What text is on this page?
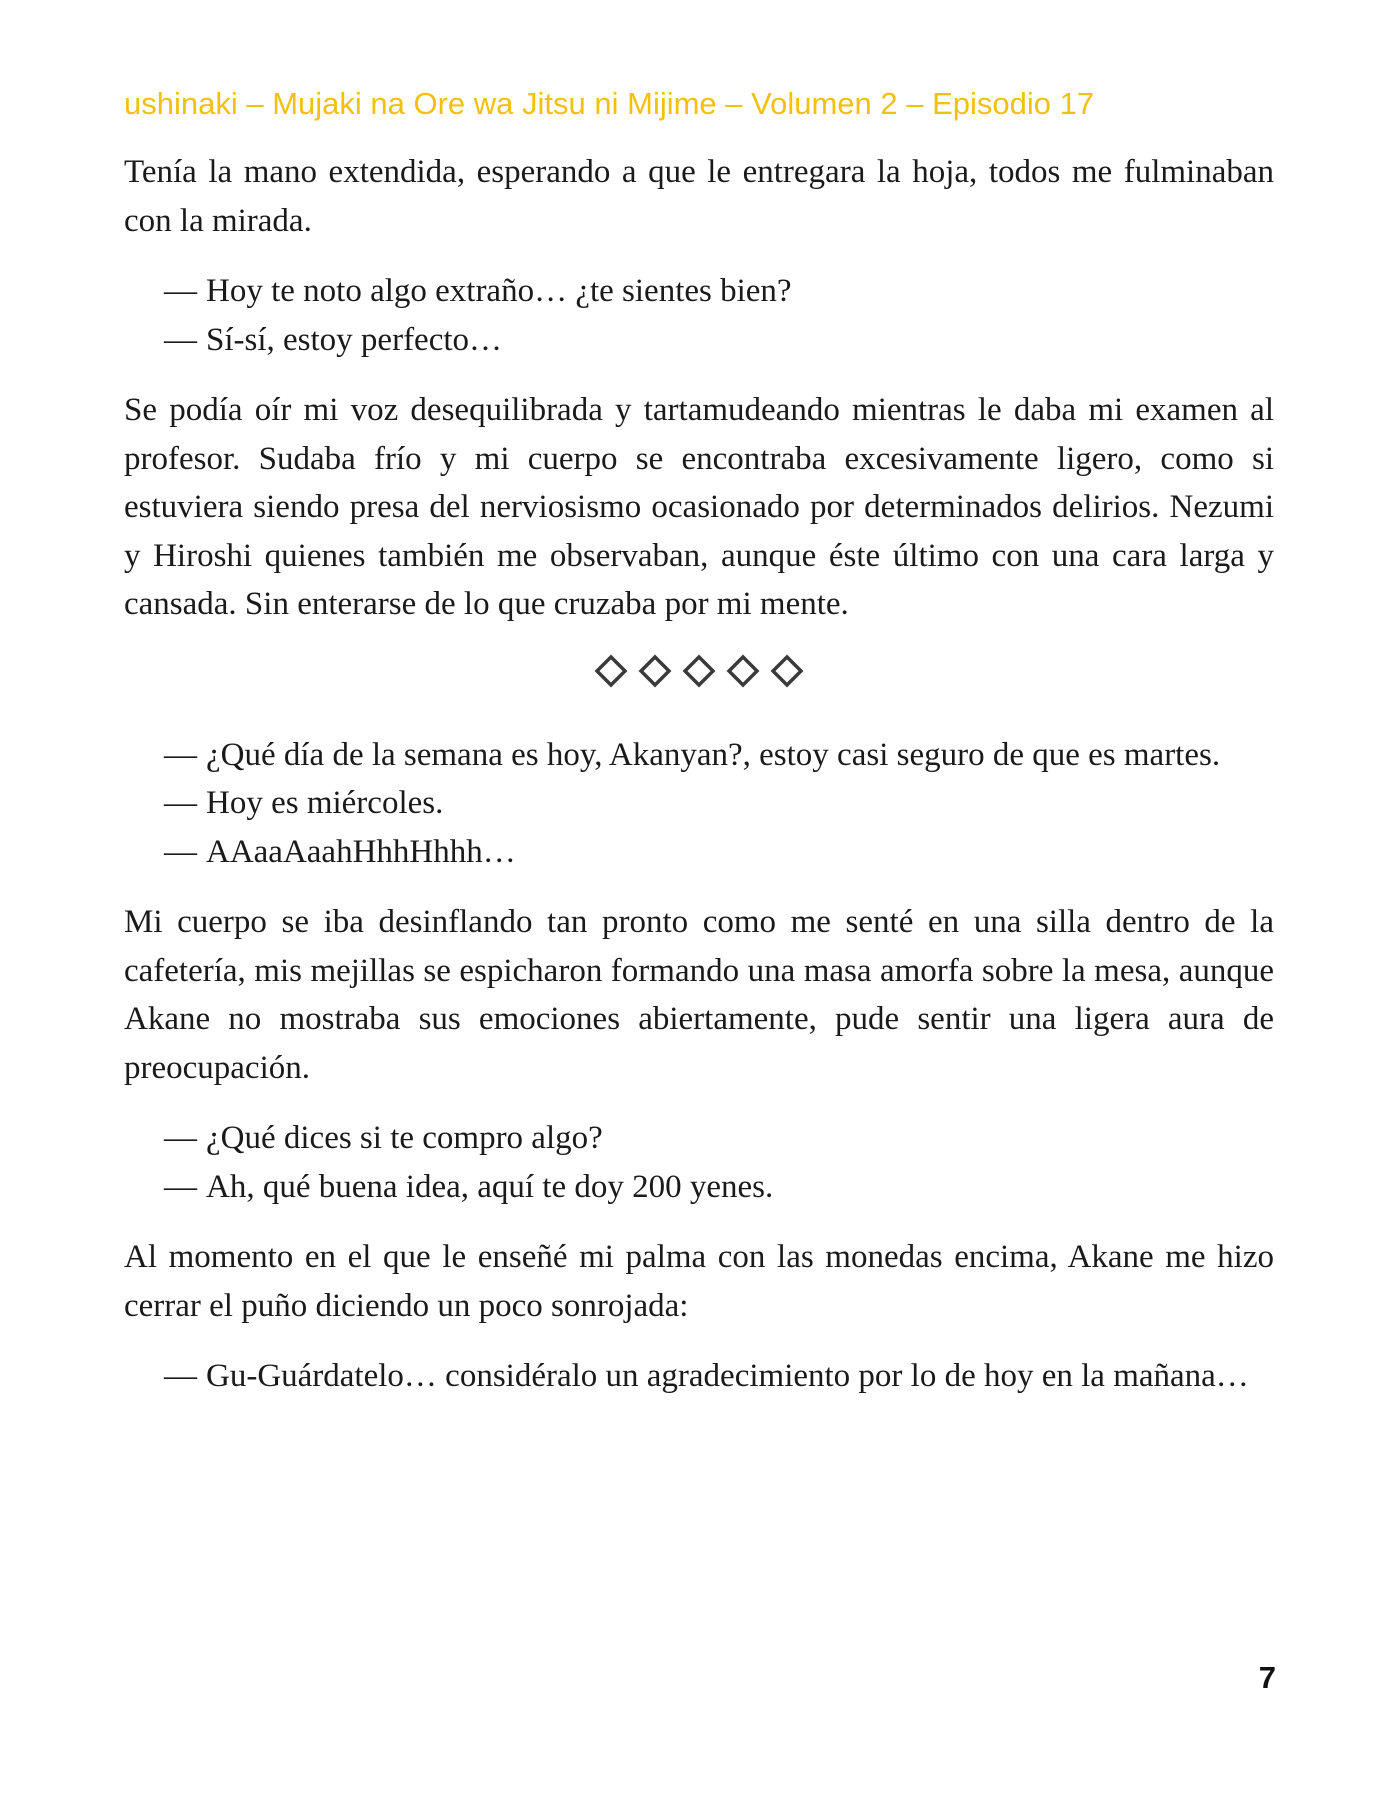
ushinaki – Mujaki na Ore wa Jitsu ni Mijime – Volumen 2 – Episodio 17

Tenía la mano extendida, esperando a que le entregara la hoja, todos me fulminaban con la mirada.

— Hoy te noto algo extraño… ¿te sientes bien?
— Sí-sí, estoy perfecto…

Se podía oír mi voz desequilibrada y tartamudeando mientras le daba mi examen al profesor. Sudaba frío y mi cuerpo se encontraba excesivamente ligero, como si estuviera siendo presa del nerviosismo ocasionado por determinados delirios. Nezumi y Hiroshi quienes también me observaban, aunque éste último con una cara larga y cansada. Sin enterarse de lo que cruzaba por mi mente.

— ¿Qué día de la semana es hoy, Akanyan?, estoy casi seguro de que es martes.
— Hoy es miércoles.
— AAaaAaahHhhHhhh…

Mi cuerpo se iba desinflando tan pronto como me senté en una silla dentro de la cafetería, mis mejillas se espicharon formando una masa amorfa sobre la mesa, aunque Akane no mostraba sus emociones abiertamente, pude sentir una ligera aura de preocupación.

— ¿Qué dices si te compro algo?
— Ah, qué buena idea, aquí te doy 200 yenes.

Al momento en el que le enseñé mi palma con las monedas encima, Akane me hizo cerrar el puño diciendo un poco sonrojada:

— Gu-Guárdatelo… considéralo un agradecimiento por lo de hoy en la mañana…
7
